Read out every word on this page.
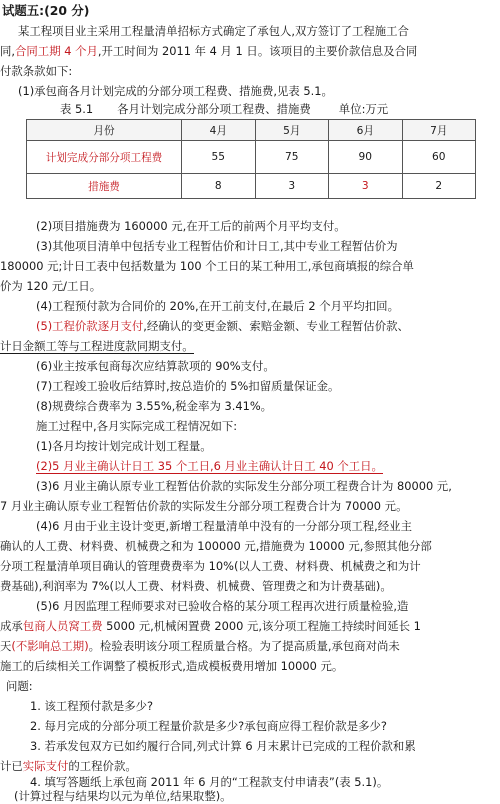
试题五:(20 分)
某工程项目业主采用工程量清单招标方式确定了承包人,双方签订了工程施工合
同,合同工期 4 个月,开工时间为 2011 年 4 月 1 日。该项目的主要价款信息及合同
付款条款如下:
(1)承包商各月计划完成的分部分项工程费、措施费,见表 5.1。
表 5.1 各月计划完成分部分项工程费、措施费 单位:万元
月份	4月	5月	6月	7月
计划完成分部分项工程费	55	75	90	60
措施费	8	3	3	2
(2)项目措施费为 160000 元,在开工后的前两个月平均支付。
(3)其他项目清单中包括专业工程暂估价和计日工,其中专业工程暂估价为
180000 元;计日工表中包括数量为 100 个工日的某工种用工,承包商填报的综合单
价为 120 元/工日。
(4)工程预付款为合同价的 20%,在开工前支付,在最后 2 个月平均扣回。
(5)工程价款逐月支付,经确认的变更金额、索赔金额、专业工程暂估价款、
计日金额工等与工程进度款同期支付。
(6)业主按承包商每次应结算款项的 90%支付。
(7)工程竣工验收后结算时,按总造价的 5%扣留质量保证金。
(8)规费综合费率为 3.55%,税金率为 3.41%。
施工过程中,各月实际完成工程情况如下:
(1)各月均按计划完成计划工程量。
(2)5 月业主确认计日工 35 个工日,6 月业主确认计日工 40 个工日。
(3)6 月业主确认原专业工程暂估价款的实际发生分部分项工程费合计为 80000 元,
7 月业主确认原专业工程暂估价款的实际发生分部分项工程费合计为 70000 元。
(4)6 月由于业主设计变更,新增工程量清单中没有的一分部分项工程,经业主
确认的人工费、材料费、机械费之和为 100000 元,措施费为 10000 元,参照其他分部
分项工程量清单项目确认的管理费费率为 10%(以人工费、材料费、机械费之和为计
费基础),利润率为 7%(以人工费、材料费、机械费、管理费之和为计费基础)。
(5)6 月因监理工程师要求对已验收合格的某分项工程再次进行质量检验,造
成承包商人员窝工费 5000 元,机械闲置费 2000 元,该分项工程施工持续时间延长 1
天(不影响总工期)。检验表明该分项工程质量合格。为了提高质量,承包商对尚未
施工的后续相关工作调整了模板形式,造成模板费用增加 10000 元。
问题:
1. 该工程预付款是多少?
2. 每月完成的分部分项工程量价款是多少?承包商应得工程价款是多少?
3. 若承发包双方已如约履行合同,列式计算 6 月末累计已完成的工程价款和累
计已实际支付的工程价款。
4. 填写答题纸上承包商 2011 年 6 月的“工程款支付申请表”(表 5.1)。
(计算过程与结果均以元为单位,结果取整)。
